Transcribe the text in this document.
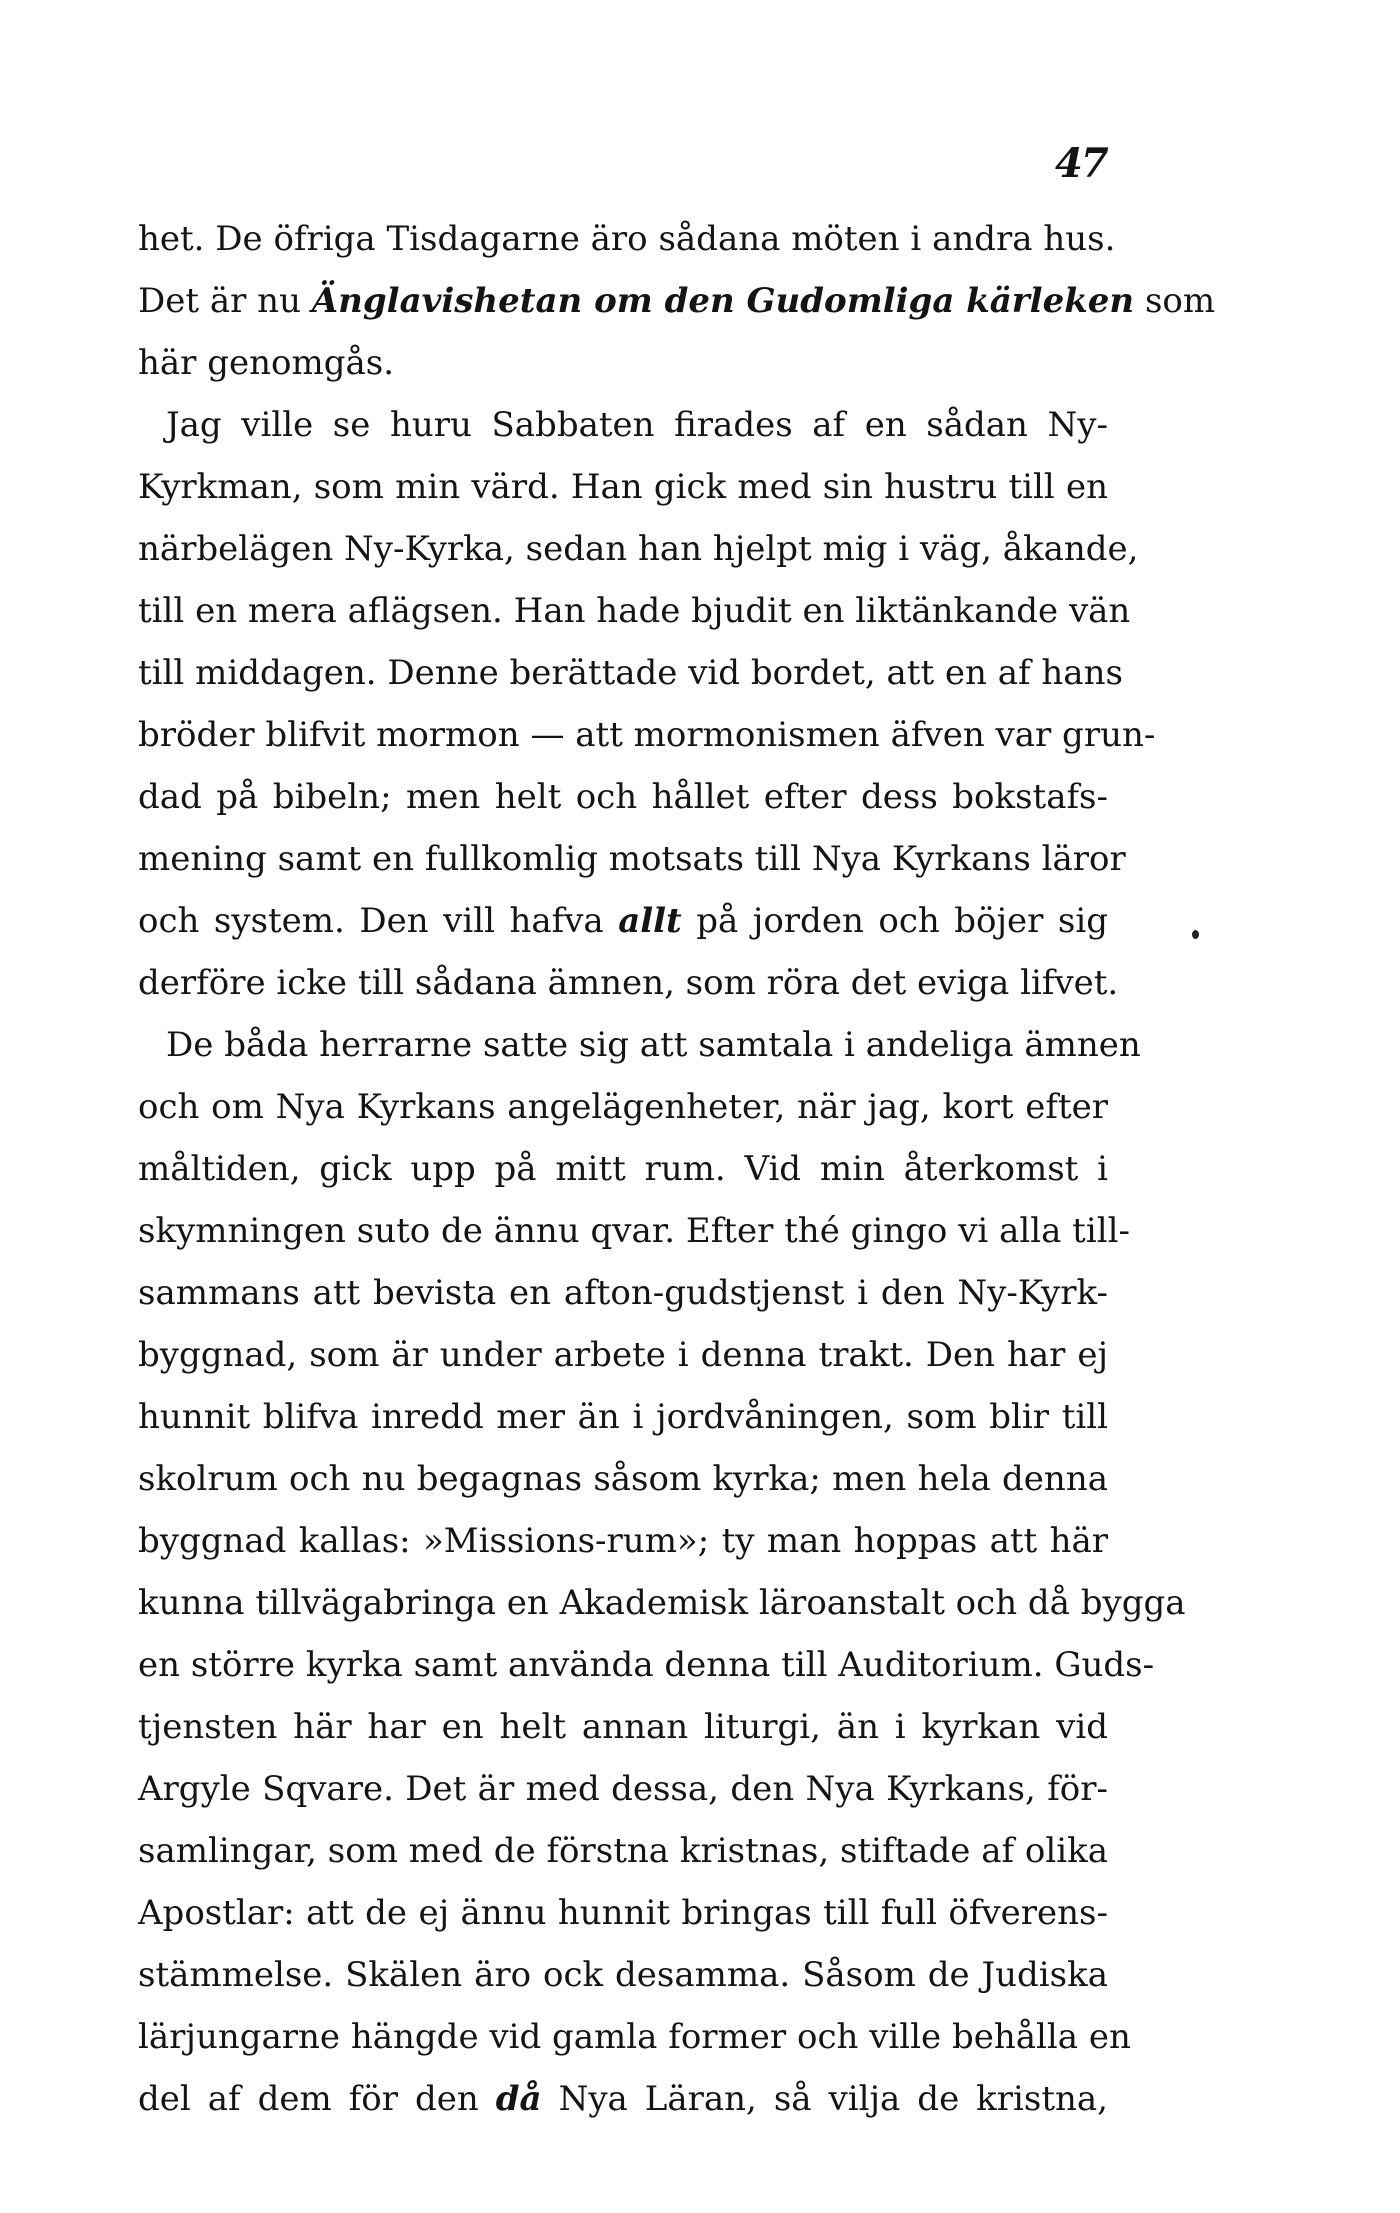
47
het. De öfriga Tisdagarne äro sådana möten i andra hus.
Det är nu Änglavishetan om den Gudomliga kärleken som
här genomgås.
Jag ville se huru Sabbaten firades af en sådan Ny-
Kyrkman, som min värd. Han gick med sin hustru till en
närbelägen Ny-Kyrka, sedan han hjelpt mig i väg, åkande,
till en mera aflägsen. Han hade bjudit en liktänkande vän
till middagen. Denne berättade vid bordet, att en af hans
bröder blifvit mormon — att mormonismen äfven var grun-
dad på bibeln; men helt och hållet efter dess bokstafs-
mening samt en fullkomlig motsats till Nya Kyrkans läror
och system. Den vill hafva allt på jorden och böjer sig
derföre icke till sådana ämnen, som röra det eviga lifvet.
De båda herrarne satte sig att samtala i andeliga ämnen
och om Nya Kyrkans angelägenheter, när jag, kort efter
måltiden, gick upp på mitt rum. Vid min återkomst i
skymningen suto de ännu qvar. Efter thé gingo vi alla till-
sammans att bevista en afton-gudstjenst i den Ny-Kyrk-
byggnad, som är under arbete i denna trakt. Den har ej
hunnit blifva inredd mer än i jordvåningen, som blir till
skolrum och nu begagnas såsom kyrka; men hela denna
byggnad kallas: »Missions-rum»; ty man hoppas att här
kunna tillvägabringa en Akademisk läroanstalt och då bygga
en större kyrka samt använda denna till Auditorium. Guds-
tjensten här har en helt annan liturgi, än i kyrkan vid
Argyle Sqvare. Det är med dessa, den Nya Kyrkans, för-
samlingar, som med de förstna kristnas, stiftade af olika
Apostlar: att de ej ännu hunnit bringas till full öfverens-
stämmelse. Skälen äro ock desamma. Såsom de Judiska
lärjungarne hängde vid gamla former och ville behålla en
del af dem för den då Nya Läran, så vilja de kristna,
